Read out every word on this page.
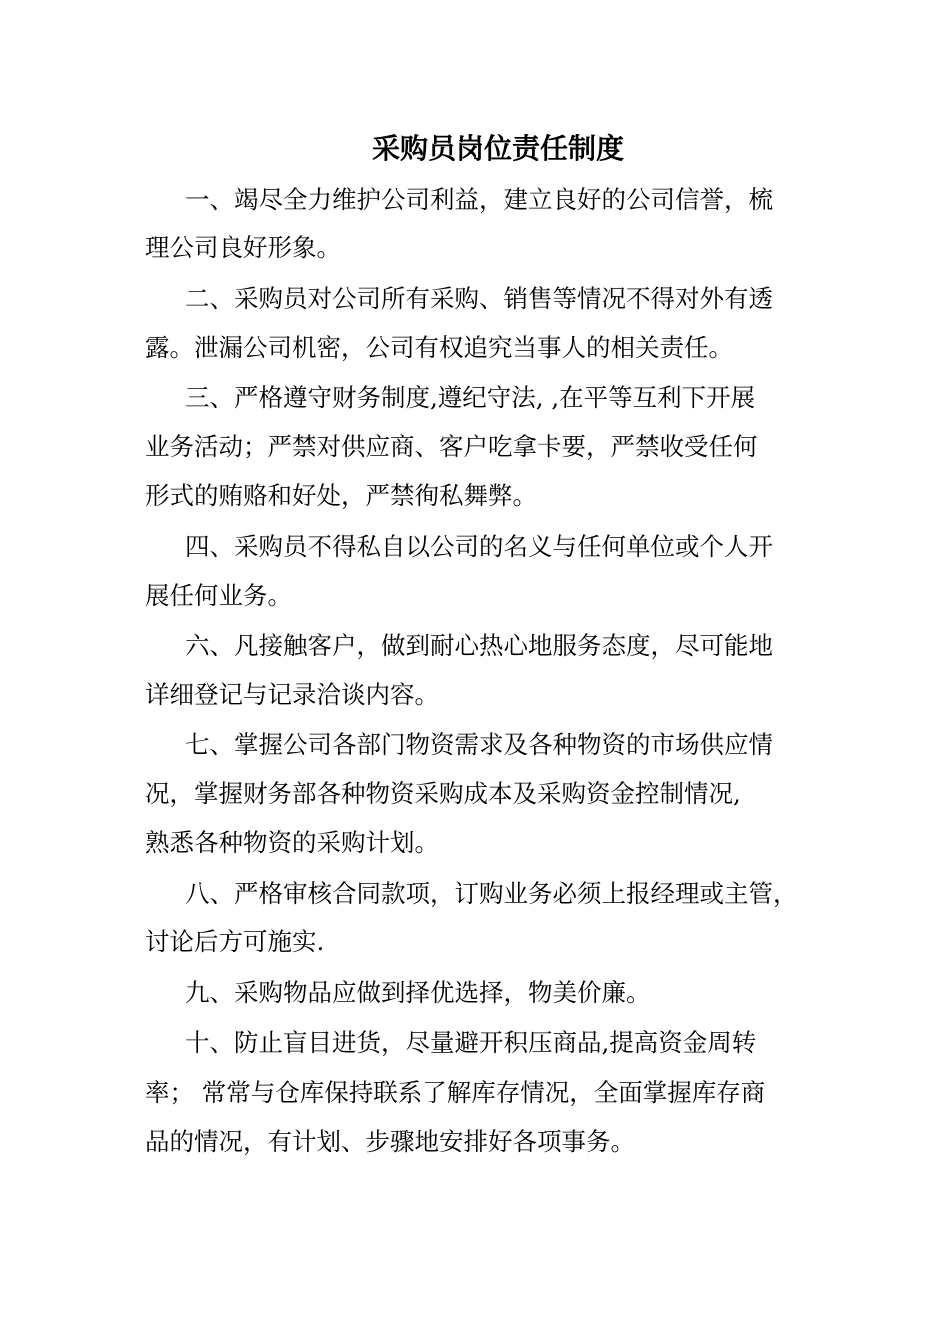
采购员岗位责任制度
一、竭尽全力维护公司利益，建立良好的公司信誉，梳
理公司良好形象。
二、采购员对公司所有采购、销售等情况不得对外有透
露。泄漏公司机密，公司有权追究当事人的相关责任。
三、严格遵守财务制度,遵纪守法, ,在平等互利下开展
业务活动；严禁对供应商、客户吃拿卡要，严禁收受任何
形式的贿赂和好处，严禁徇私舞弊。
四、采购员不得私自以公司的名义与任何单位或个人开
展任何业务。
六、凡接触客户，做到耐心热心地服务态度，尽可能地
详细登记与记录洽谈内容。
七、掌握公司各部门物资需求及各种物资的市场供应情
况，掌握财务部各种物资采购成本及采购资金控制情况,
熟悉各种物资的采购计划。
八、严格审核合同款项，订购业务必须上报经理或主管，
讨论后方可施实.
九、采购物品应做到择优选择，物美价廉。
十、防止盲目进货，尽量避开积压商品,提高资金周转
率； 常常与仓库保持联系了解库存情况，全面掌握库存商
品的情况，有计划、步骤地安排好各项事务。
